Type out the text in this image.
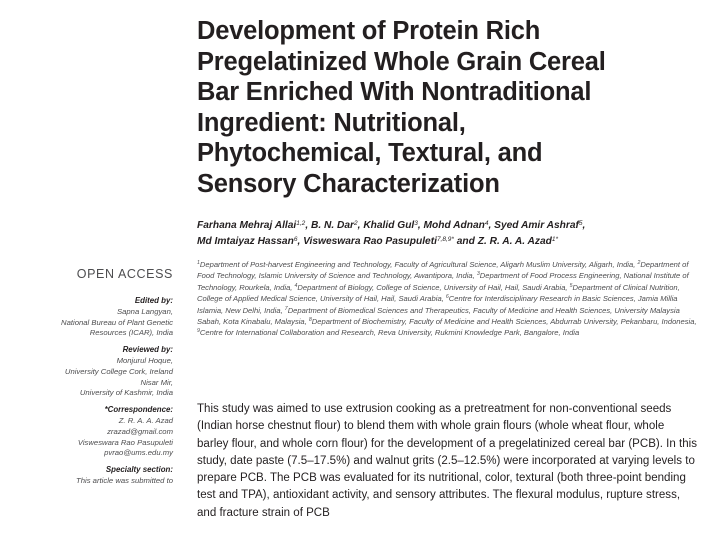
Development of Protein Rich
Pregelatinized Whole Grain Cereal
Bar Enriched With Nontraditional
Ingredient: Nutritional,
Phytochemical, Textural, and
Sensory Characterization

Farhana Mehraj Allai$^{1,2}$, B. N. Dar$^2$, Khalid Gul$^3$, Mohd Adnan$^4$, Syed Amir Ashraf$^5$,
Md Imtaiyaz Hassan$^6$, Visweswara Rao Pasupuleti$^{7,8,9*}$ and Z. R. A. A. Azad$^{1*}$

$^1$Department of Post-harvest Engineering and Technology, Faculty of Agricultural Science, Aligarh Muslim University, Aligarh, India, $^2$Department of Food Technology, Islamic University of Science and Technology, Awantipora, India, $^3$Department of Food Process Engineering, National Institute of Technology, Rourkela, India, $^4$Department of Biology, College of Science, University of Hail, Hail, Saudi Arabia, $^5$Department of Clinical Nutrition, College of Applied Medical Science, University of Hail, Hail, Saudi Arabia, $^6$Centre for Interdisciplinary Research in Basic Sciences, Jamia Millia Islamia, New Delhi, India, $^7$Department of Biomedical Sciences and Therapeutics, Faculty of Medicine and Health Sciences, University Malaysia Sabah, Kota Kinabalu, Malaysia, $^8$Department of Biochemistry, Faculty of Medicine and Health Sciences, Abdurrab University, Pekanbaru, Indonesia, $^9$Centre for International Collaboration and Research, Reva University, Rukmini Knowledge Park, Bangalore, India

This study was aimed to use extrusion cooking as a pretreatment for non-conventional seeds (Indian horse chestnut flour) to blend them with whole grain flours (whole wheat flour, whole barley flour, and whole corn flour) for the development of a pregelatinized cereal bar (PCB). In this study, date paste (7.5–17.5%) and walnut grits (2.5–12.5%) were incorporated at varying levels to prepare PCB. The PCB was evaluated for its nutritional, color, textural (both three-point bending test and TPA), antioxidant activity, and sensory attributes. The flexural modulus, rupture stress, and fracture strain of PCB

OPEN ACCESS
Edited by:
Sapna Langyan,
National Bureau of Plant Genetic
Resources (ICAR), India
Reviewed by:
Monjurul Hoque,
University College Cork, Ireland
Nisar Mir,
University of Kashmir, India
*Correspondence:
Z. R. A. A. Azad
zrazad@gmail.com
Visweswara Rao Pasupuleti
pvrao@ums.edu.my
Specialty section:
This article was submitted to
